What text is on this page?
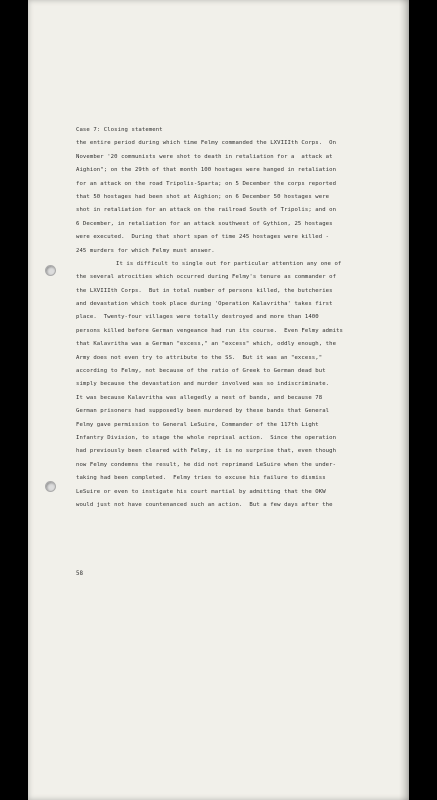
Case 7: Closing statement
the entire period during which time Felmy commanded the LXVIIIth Corps.  On
November '20 communists were shot to death in retaliation for a  attack at
Aighion"; on the 29th of that month 100 hostages were hanged in retaliation
for an attack on the road Tripolis-Sparta; on 5 December the corps reported
that 50 hostages had been shot at Aighion; on 6 December 50 hostages were
shot in retaliation for an attack on the railroad South of Tripolis; and on
6 December, in retaliation for an attack southwest of Gythion, 25 hostages
were executed.  During that short span of time 245 hostages were killed -
245 murders for which Felmy must answer.
It is difficult to single out for particular attention any one of
the several atrocities which occurred during Felmy's tenure as commander of
the LXVIIIth Corps.  But in total number of persons killed, the butcheries
and devastation which took place during 'Operation Kalavritha' takes first
place.  Twenty-four villages were totally destroyed and more than 1400
persons killed before German vengeance had run its course.  Even Felmy admits
that Kalavritha was a German "excess," an "excess" which, oddly enough, the
Army does not even try to attribute to the SS.  But it was an "excess,"
according to Felmy, not because of the ratio of Greek to German dead but
simply because the devastation and murder involved was so indiscriminate.
It was because Kalavritha was allegedly a nest of bands, and because 78
German prisoners had supposedly been murdered by these bands that General
Felmy gave permission to General LeSuire, Commander of the 117th Light
Infantry Division, to stage the whole reprisal action.  Since the operation
had previously been cleared with Felmy, it is no surprise that, even though
now Felmy condemns the result, he did not reprimand LeSuire when the under-
taking had been completed.  Felmy tries to excuse his failure to dismiss
LeSuire or even to instigate his court martial by admitting that the OKW
would just not have countenanced such an action.  But a few days after the
58
